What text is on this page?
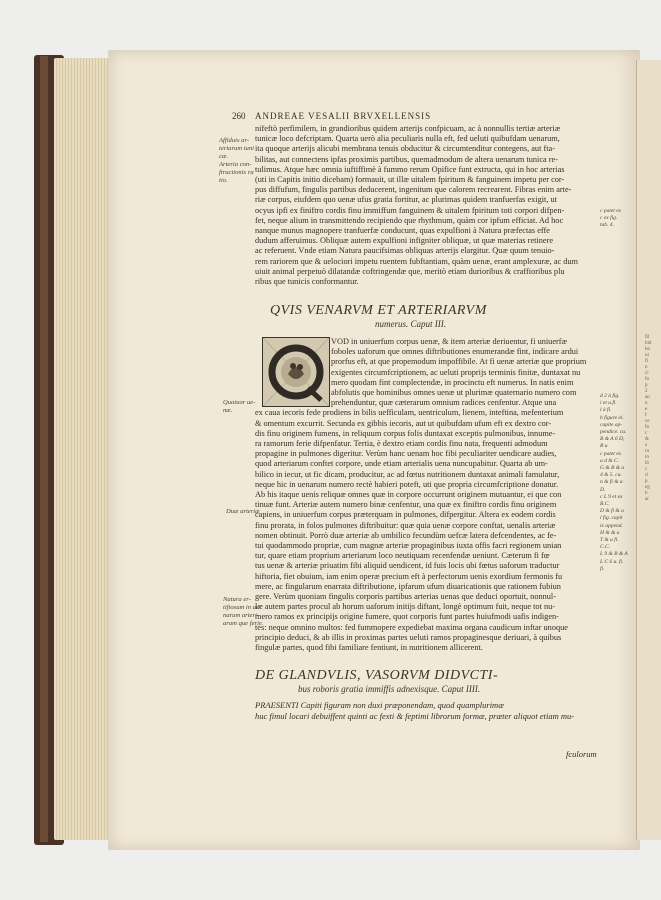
fil
bid
ho
ui
fl
n
ci
fo
p
2
an
n
e
f
ce
fo
c
&
s
ru
in
ib
c
ri
p
eg
b
ar
260 ANDREAE VESALII BRVXELLENSIS
nifeftò perfimilem, in grandioribus quidem arterijs confpicuam, ac à nonnullis tertiæ arteriæ
tunicæ loco defcriptam. Quarta uerò alia peculiaris nulla eft, fed ueluti quibufdam uenarum,
ita quoque arterijs alicubi membrana tenuis obducitur & circumtenditur contegens, aut fta-
bilitas, aut connectens ipfas proximis partibus, quemadmodum de altera uenarum tunica re-
tulimus. Atque hæc omnia iuftiffimè à fummo rerum Opifice funt extructa, qui in hoc arterias
(uti in Capitis initio dicebam) formauit, ut illæ uitalem fpiritum & fanguinem impetu per cor-
pus diffufum, fingulis partibus deducerent, ingenitum que calorem recrearent. Fibras enim arte-
riæ corpus, eiufdem quo uenæ ufus gratia fortitur, ac plurimas quidem tranfuerfas exigit, ut
ocyus ipfi ex finiftro cordis finu immiffum fanguinem & uitalem fpiritum toti corpori difpen-
fet, neque alium in transmittendo recipiendo que rhythmum, quàm cor ipfum efficiat. Ad hoc
nanque munus magnopere tranfuerfæ conducunt, quas expulfioni à Natura præfectas effe
dudum afferuimus. Obliquæ autem expulfioni infigniter obliquæ, ut quæ materias retinere
ac referuent. Vnde etiam Natura paucifsimas obliquas arterijs elargitur. Quæ quum tenuio-
rem rariorem que & uelociori impetu ruentem fubftantiam, quàm uenæ, erant amplexuræ, ac dum
uiuit animal perpetuò dilatandæ coftringendæ que, meritò etiam durioribus & craffioribus plu
ribus que tunicis conformantur.
Affiduis ar-
teriarum tuni
cæ.
Arteria con-
ftructionis ra
tio.
c patet ex
c ex fig.
tab. 4.
QVIS VENARVM ET ARTERIARVM
numerus. Caput III.
VOD in uniuerfum corpus uenæ, & item arteriæ deriuentur, fi uniuerfæ
foboles uaforum que omnes diftributiones enumerandæ fint, indicare ardui
prorfus eft, at que propemodum impoffibile. At fi uenæ arteriæ que proprium
exigentes circumfcriptionem, ac ueluti proprijs terminis finitæ, duntaxat nu
mero quodam fint complectendæ, in procinctu eft numerus. In natis enim
abfolutis que hominibus omnes uenæ ut plurimæ quaternario numero com
prehenduntur, quæ cæterarum omnium radices cenfentur. Atque una
ex caua iecoris fede prodiens in bilis uefficulam, uentriculum, lienem, inteftina, mefenterium
& omentum excurrit. Secunda ex gibbis iecoris, aut ut quibufdam ufum eft ex dextro cor-
dis finu originem fumens, in reliquum corpus folis duntaxat exceptis pulmonibus, innume-
ra ramorum ferie difpenfatur. Tertia, è dextro etiam cordis finu nata, frequenti admodum
propagine in pulmones digeritur. Verùm hanc uenam hoc fibi peculiariter uendicare audies,
quod arteriarum conftet corpore, unde etiam arterialis uena nuncupabitur. Quarta ab um-
bilico in iecur, ut fic dicam, producitur, ac ad fœtus nutritionem duntaxat animali famulatur,
neque hic in uenarum numero rectè habieri poteft, uti que propria circumfcriptione donatur.
Ab his itaque uenis reliquæ omnes quæ in corpore occurrunt originem mutuantur, ei que con
tinuæ funt. Arteriæ autem numero binæ cenfentur, una quæ ex finiftro cordis finu originem
capiens, in uniuerfum corpus præterquam in pulmones, difpergitur. Altera ex eodem cordis
finu prorata, in folos pulmones diftribuitur: quæ quia uenæ corpore conftat, uenalis arteriæ
nomen obtinuit. Porrò duæ arteriæ ab umbilico fecundùm uefcæ latera defcendentes, ac fe-
tui quodammodo propriæ, cum magnæ arteriæ propaginibus iuxta offis facri regionem unian
tur, quare etiam proprium arteriarum loco neutiquam recenfendæ ueniunt. Cæterum fi fœ
tus uenæ & arteriæ priuatim fibi aliquid uendicent, id fuis locis ubi fœtus uaforum traductur
hiftoria, fiet obuium, iam enim operæ precium eft à perfectorum uenis exordium fermonis fu
mere, ac fingularum enarrata diftributione, ipfarum ufum diuaricationis que rationem fubiun
gere. Verùm quoniam fingulis corporis partibus arterias uenas que deduci oportuit, nonnul-
læ autem partes procul ab horum uaforum initijs diftant, longè optimum fuit, neque tot nu-
mero ramos ex principijs origine fumere, quot corporis funt partes huiufmodi uafis indigen-
tes: neque omnino multos: fed fummopere expediebat maxima organa caudicum inftar unoque
principio deduci, & ab illis in proximas partes ueluti ramos propaginesque deriuari, à quibus
fingulæ partes, quod fibi familiare fentiunt, in nutritionem allicerent.
Quatuor ue-
næ.
Duæ arteriæ
Natura er-
tifiosum in ue-
narum arteri-
arum que ferie.
d 2 à fig.
i et u.fi.
l à fi.
b figure ei.
capite ap-
pendice. cu.
B & A 6 D,
B u
c patet ex
a d & C.
G & B & a
4 & 5. cu.
n & fi & a
D.
c L 9 et ex
B.C.
D & fi & a
l fig. capit
ix append.
H & & a
T & u fi.
C.C.
L 9 & B & A
L C 6 u. fi.
fi.
DE GLANDVLIS, VASORVM DIDVCTI-
bus roboris gratia immiffis adnexisque. Caput IIII.
PRAESENTI Capiti figuram non duxi præponendam, quod quamplurimæ
huc fimul locari debuiffent quinti ac fexti & feptimi librorum formæ, præter aliquot etiam mu-
fculorum
